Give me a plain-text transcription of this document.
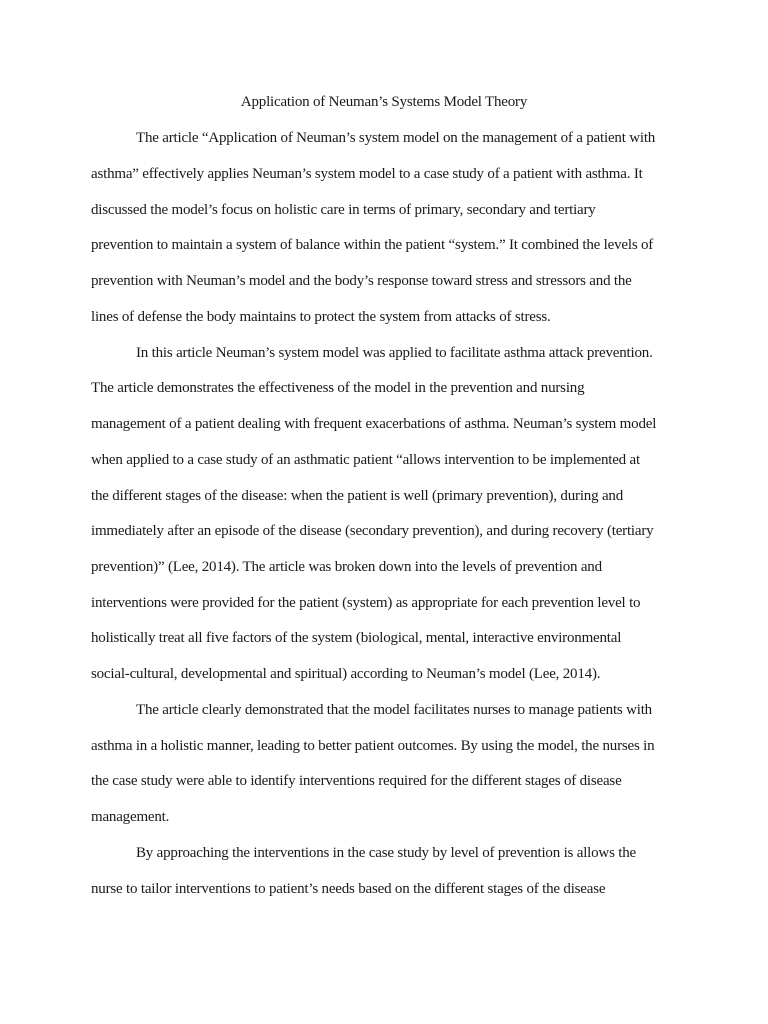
Application of Neuman’s Systems Model Theory
The article “Application of Neuman’s system model on the management of a patient with
asthma” effectively applies Neuman’s system model to a case study of a patient with asthma. It
discussed the model’s focus on holistic care in terms of primary, secondary and tertiary
prevention to maintain a system of balance within the patient “system.” It combined the levels of
prevention with Neuman’s model and the body’s response toward stress and stressors and the
lines of defense the body maintains to protect the system from attacks of stress.
In this article Neuman’s system model was applied to facilitate asthma attack prevention.
The article demonstrates the effectiveness of the model in the prevention and nursing
management of a patient dealing with frequent exacerbations of asthma. Neuman’s system model
when applied to a case study of an asthmatic patient “allows intervention to be implemented at
the different stages of the disease: when the patient is well (primary prevention), during and
immediately after an episode of the disease (secondary prevention), and during recovery (tertiary
prevention)” (Lee, 2014). The article was broken down into the levels of prevention and
interventions were provided for the patient (system) as appropriate for each prevention level to
holistically treat all five factors of the system (biological, mental, interactive environmental
social-cultural, developmental and spiritual) according to Neuman’s model (Lee, 2014).
The article clearly demonstrated that the model facilitates nurses to manage patients with
asthma in a holistic manner, leading to better patient outcomes. By using the model, the nurses in
the case study were able to identify interventions required for the different stages of disease
management.
By approaching the interventions in the case study by level of prevention is allows the
nurse to tailor interventions to patient’s needs based on the different stages of the disease
